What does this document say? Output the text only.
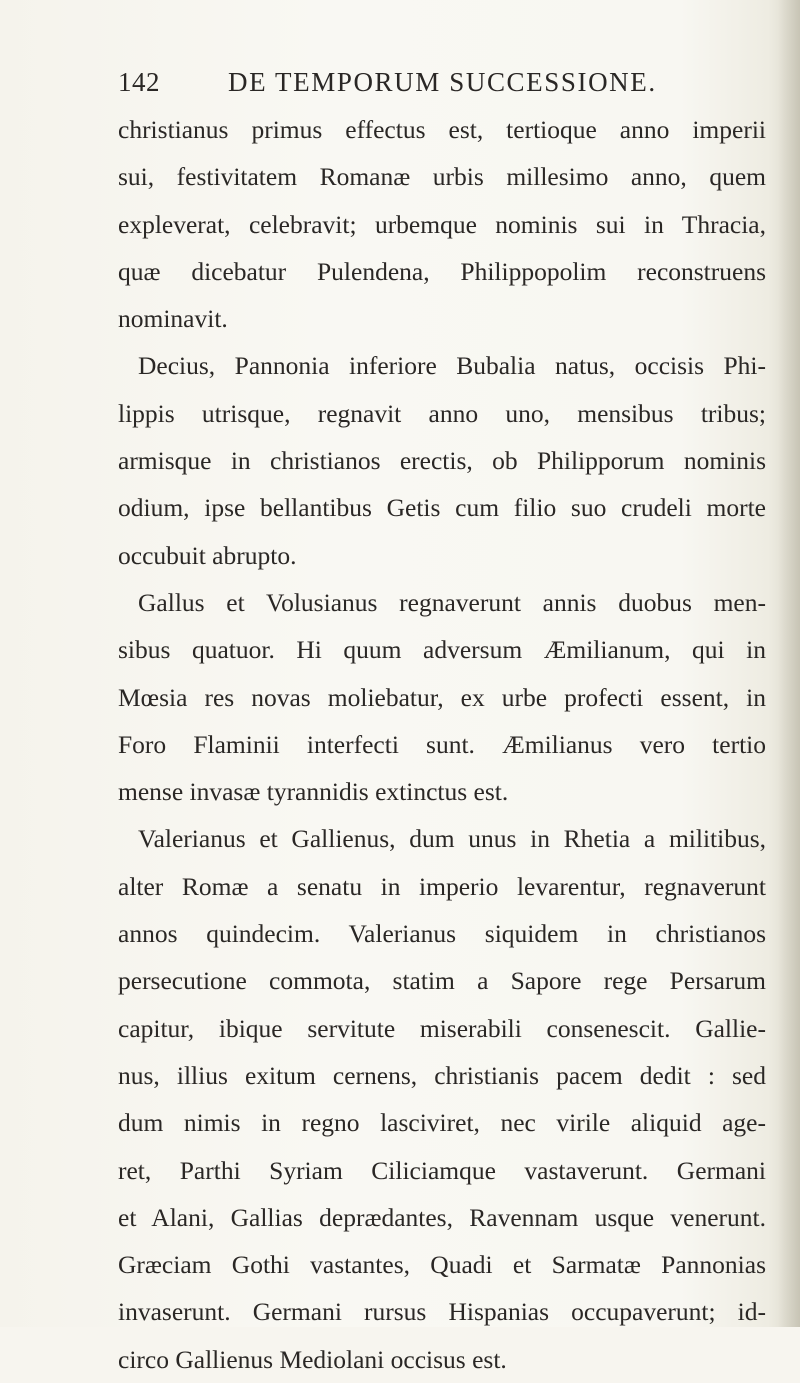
142	DE TEMPORUM SUCCESSIONE.
christianus primus effectus est, tertioque anno imperii
sui, festivitatem Romanæ urbis millesimo anno, quem
expleverat, celebravit; urbemque nominis sui in Thracia,
quæ dicebatur Pulendena, Philippopolim reconstruens
nominavit.
Decius, Pannonia inferiore Bubalia natus, occisis Phi-
lippis utrisque, regnavit anno uno, mensibus tribus;
armisque in christianos erectis, ob Philipporum nominis
odium, ipse bellantibus Getis cum filio suo crudeli morte
occubuit abrupto.
Gallus et Volusianus regnaverunt annis duobus men-
sibus quatuor. Hi quum adversum Æmilianum, qui in
Mœsia res novas moliebatur, ex urbe profecti essent, in
Foro Flaminii interfecti sunt. Æmilianus vero tertio
mense invasæ tyrannidis extinctus est.
Valerianus et Gallienus, dum unus in Rhetia a militibus,
alter Romæ a senatu in imperio levarentur, regnaverunt
annos quindecim. Valerianus siquidem in christianos
persecutione commota, statim a Sapore rege Persarum
capitur, ibique servitute miserabili consenescit. Gallie-
nus, illius exitum cernens, christianis pacem dedit : sed
dum nimis in regno lasciviret, nec virile aliquid age-
ret, Parthi Syriam Ciliciamque vastaverunt. Germani
et Alani, Gallias deprædantes, Ravennam usque venerunt.
Græciam Gothi vastantes, Quadi et Sarmatæ Pannonias
invaserunt. Germani rursus Hispanias occupaverunt; id-
circo Gallienus Mediolani occisus est.
